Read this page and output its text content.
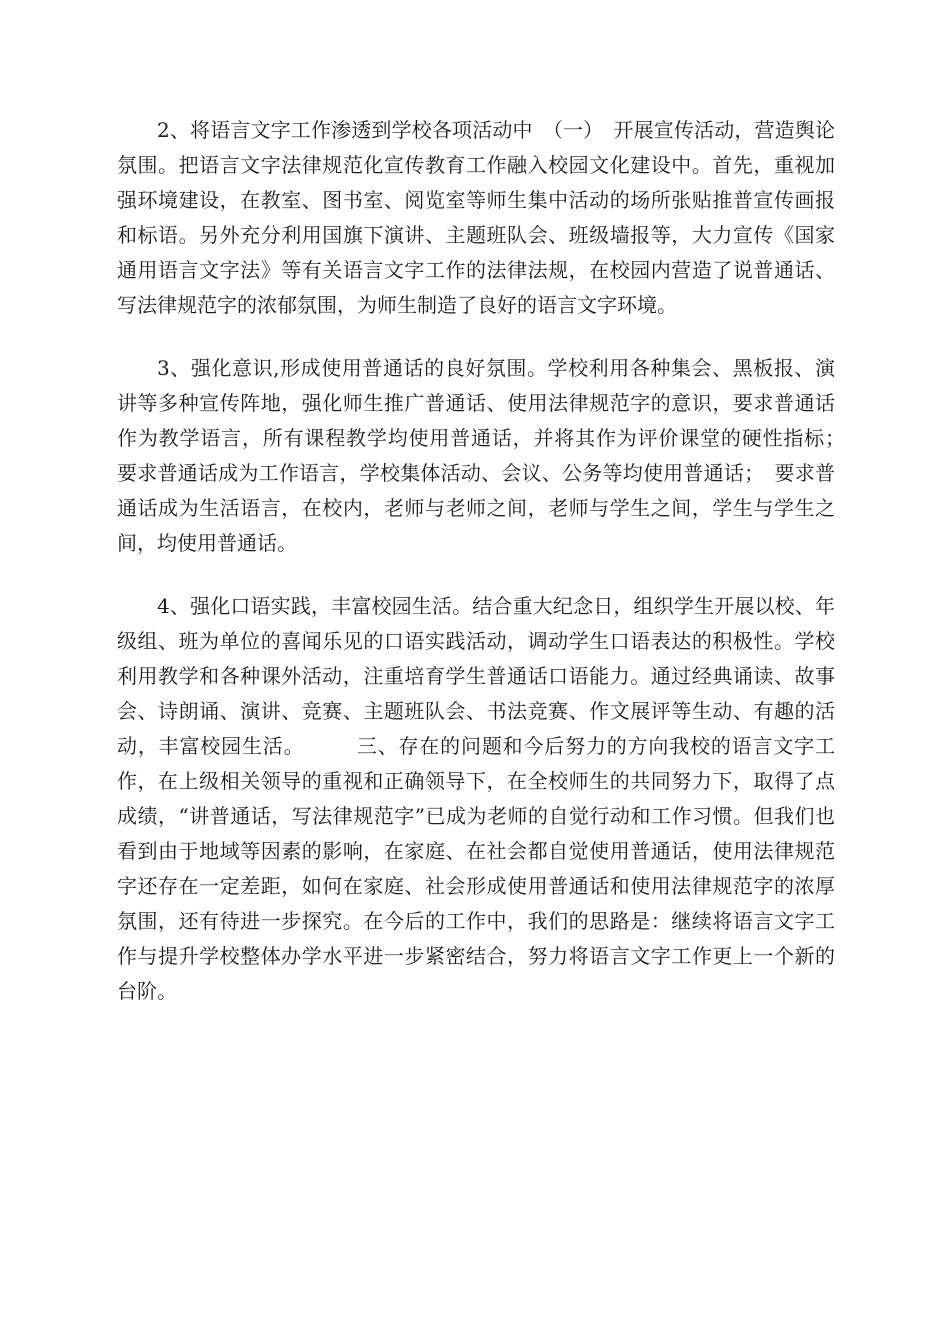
2、将语言文字工作渗透到学校各项活动中　（一）　开展宣传活动，营造舆论氛围。把语言文字法律规范化宣传教育工作融入校园文化建设中。首先，重视加强环境建设，在教室、图书室、阅览室等师生集中活动的场所张贴推普宣传画报和标语。另外充分利用国旗下演讲、主题班队会、班级墙报等，大力宣传《国家通用语言文字法》等有关语言文字工作的法律法规，在校园内营造了说普通话、写法律规范字的浓郁氛围，为师生制造了良好的语言文字环境。

3、强化意识,形成使用普通话的良好氛围。学校利用各种集会、黑板报、演讲等多种宣传阵地，强化师生推广普通话、使用法律规范字的意识，要求普通话作为教学语言，所有课程教学均使用普通话，并将其作为评价课堂的硬性指标；　要求普通话成为工作语言，学校集体活动、会议、公务等均使用普通话；　要求普通话成为生活语言，在校内，老师与老师之间，老师与学生之间，学生与学生之间，均使用普通话。

4、强化口语实践，丰富校园生活。结合重大纪念日，组织学生开展以校、年级组、班为单位的喜闻乐见的口语实践活动，调动学生口语表达的积极性。学校利用教学和各种课外活动，注重培育学生普通话口语能力。通过经典诵读、故事会、诗朗诵、演讲、竞赛、主题班队会、书法竞赛、作文展评等生动、有趣的活动，丰富校园生活。　　　三、存在的问题和今后努力的方向我校的语言文字工作，在上级相关领导的重视和正确领导下，在全校师生的共同努力下，取得了点成绩，“讲普通话，写法律规范字”已成为老师的自觉行动和工作习惯。但我们也看到由于地域等因素的影响，在家庭、在社会都自觉使用普通话，使用法律规范字还存在一定差距，如何在家庭、社会形成使用普通话和使用法律规范字的浓厚氛围，还有待进一步探究。在今后的工作中，我们的思路是：继续将语言文字工作与提升学校整体办学水平进一步紧密结合，努力将语言文字工作更上一个新的台阶。
